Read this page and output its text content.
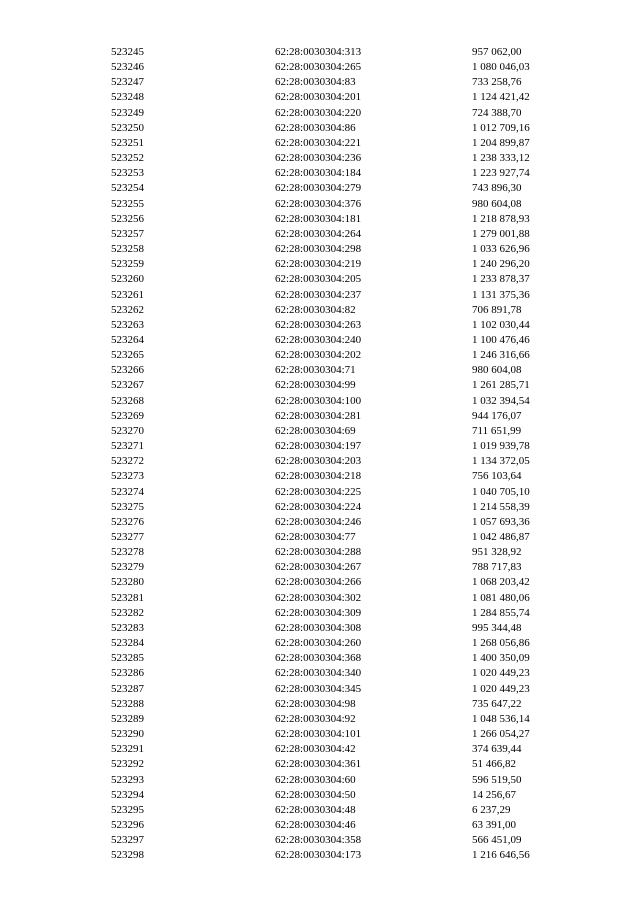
523245	62:28:0030304:313	957 062,00
523246	62:28:0030304:265	1 080 046,03
523247	62:28:0030304:83	733 258,76
523248	62:28:0030304:201	1 124 421,42
523249	62:28:0030304:220	724 388,70
523250	62:28:0030304:86	1 012 709,16
523251	62:28:0030304:221	1 204 899,87
523252	62:28:0030304:236	1 238 333,12
523253	62:28:0030304:184	1 223 927,74
523254	62:28:0030304:279	743 896,30
523255	62:28:0030304:376	980 604,08
523256	62:28:0030304:181	1 218 878,93
523257	62:28:0030304:264	1 279 001,88
523258	62:28:0030304:298	1 033 626,96
523259	62:28:0030304:219	1 240 296,20
523260	62:28:0030304:205	1 233 878,37
523261	62:28:0030304:237	1 131 375,36
523262	62:28:0030304:82	706 891,78
523263	62:28:0030304:263	1 102 030,44
523264	62:28:0030304:240	1 100 476,46
523265	62:28:0030304:202	1 246 316,66
523266	62:28:0030304:71	980 604,08
523267	62:28:0030304:99	1 261 285,71
523268	62:28:0030304:100	1 032 394,54
523269	62:28:0030304:281	944 176,07
523270	62:28:0030304:69	711 651,99
523271	62:28:0030304:197	1 019 939,78
523272	62:28:0030304:203	1 134 372,05
523273	62:28:0030304:218	756 103,64
523274	62:28:0030304:225	1 040 705,10
523275	62:28:0030304:224	1 214 558,39
523276	62:28:0030304:246	1 057 693,36
523277	62:28:0030304:77	1 042 486,87
523278	62:28:0030304:288	951 328,92
523279	62:28:0030304:267	788 717,83
523280	62:28:0030304:266	1 068 203,42
523281	62:28:0030304:302	1 081 480,06
523282	62:28:0030304:309	1 284 855,74
523283	62:28:0030304:308	995 344,48
523284	62:28:0030304:260	1 268 056,86
523285	62:28:0030304:368	1 400 350,09
523286	62:28:0030304:340	1 020 449,23
523287	62:28:0030304:345	1 020 449,23
523288	62:28:0030304:98	735 647,22
523289	62:28:0030304:92	1 048 536,14
523290	62:28:0030304:101	1 266 054,27
523291	62:28:0030304:42	374 639,44
523292	62:28:0030304:361	51 466,82
523293	62:28:0030304:60	596 519,50
523294	62:28:0030304:50	14 256,67
523295	62:28:0030304:48	6 237,29
523296	62:28:0030304:46	63 391,00
523297	62:28:0030304:358	566 451,09
523298	62:28:0030304:173	1 216 646,56
